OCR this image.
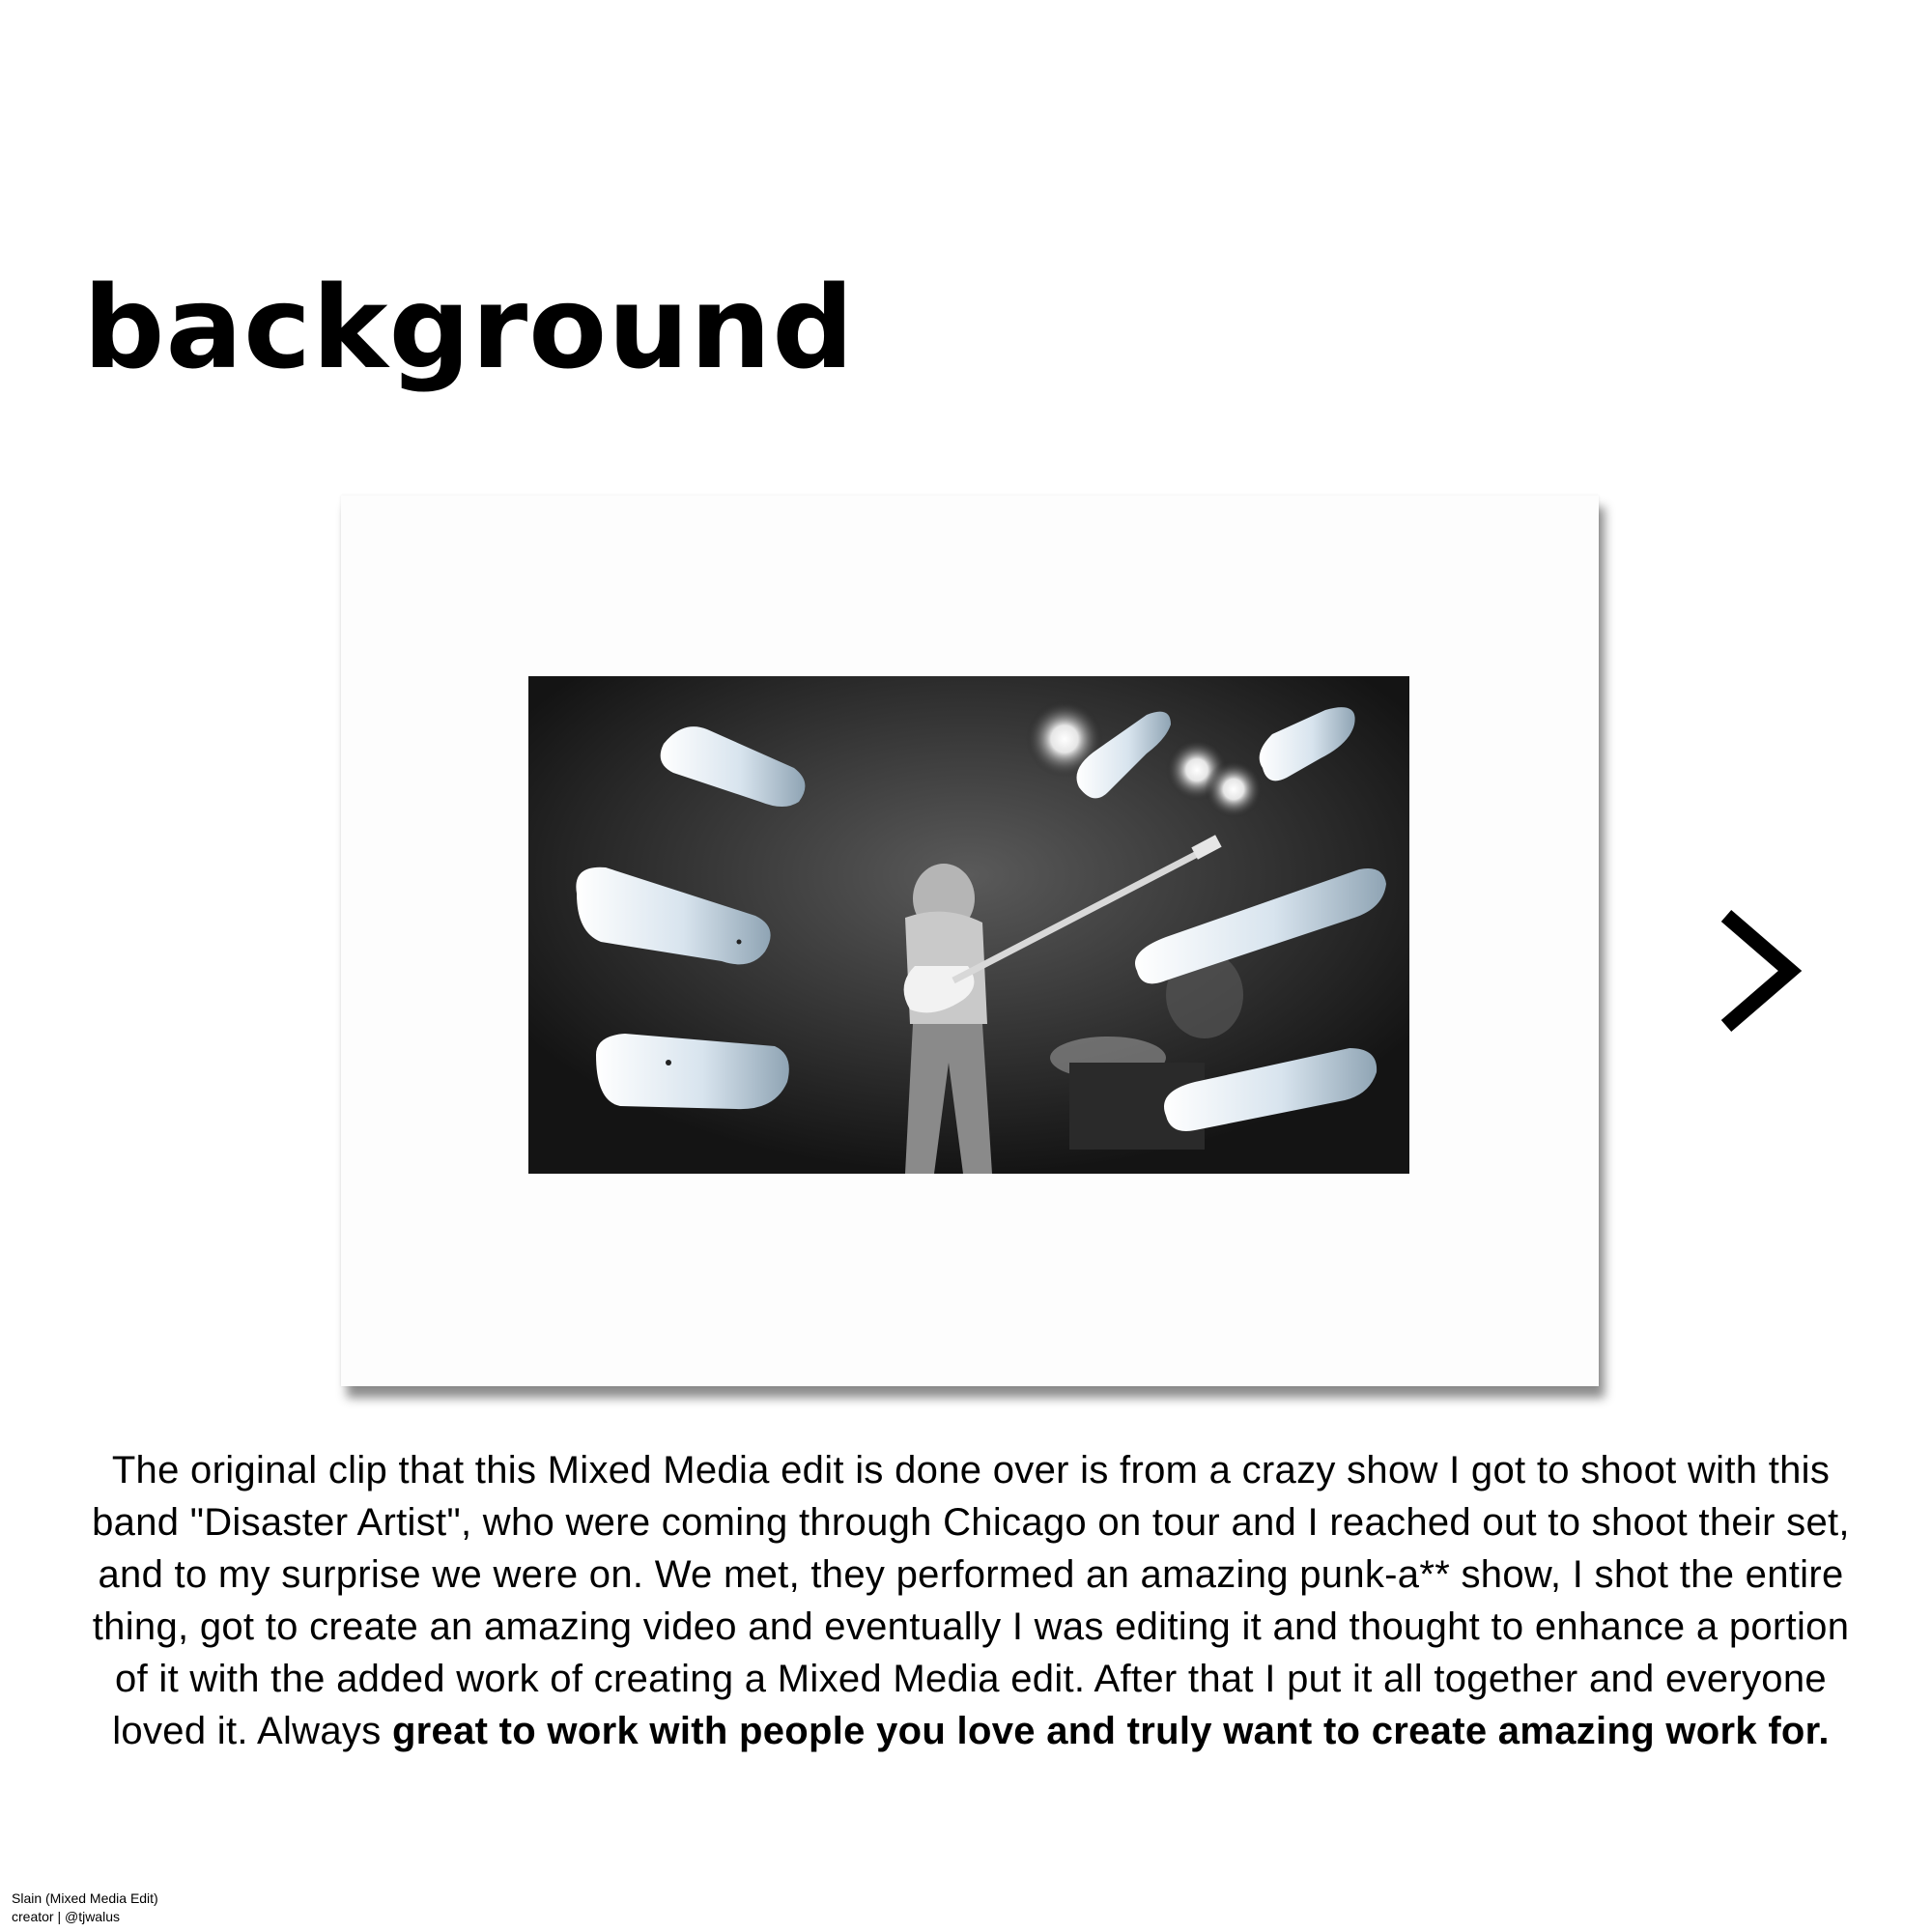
background

The original clip that this Mixed Media edit is done over is from a crazy show I got to shoot with this band "Disaster Artist", who were coming through Chicago on tour and I reached out to shoot their set, and to my surprise we were on. We met, they performed an amazing punk-a** show, I shot the entire thing, got to create an amazing video and eventually I was editing it and thought to enhance a portion of it with the added work of creating a Mixed Media edit. After that I put it all together and everyone loved it. Always great to work with people you love and truly want to create amazing work for.

Slain (Mixed Media Edit)
creator | @tjwalus
